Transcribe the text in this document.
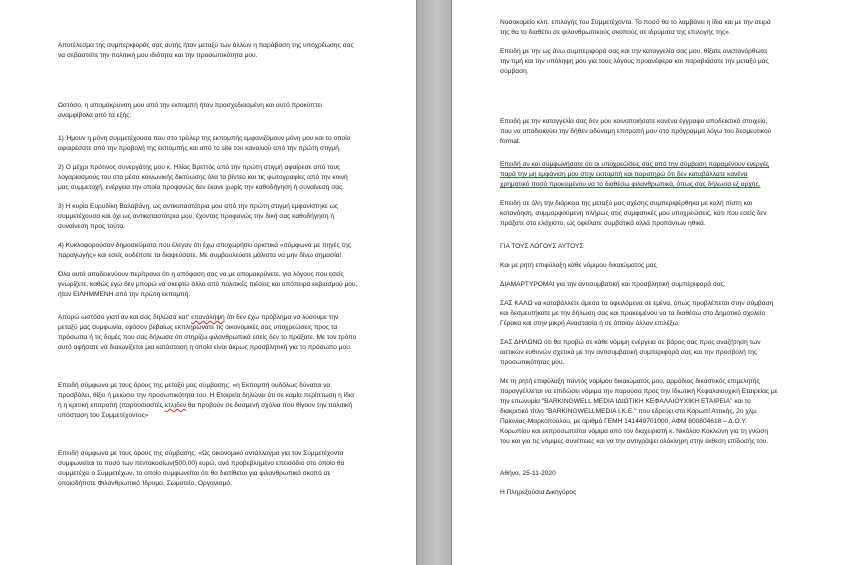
Αποτέλεσμα της συμπεριφοράς σας αυτής ήταν μεταξύ των άλλων η παράβαση της υποχρέωσης σας να σεβαστείτε την πολιτική μου ιδιότητα και την προσωπικότητα μου.

Ωστόσο, η απομάκρυνση μου από την εκπομπή ήταν προσχεδιασμένη και αυτό προκύπτει αναμφίβολα από τα εξής:

1) Ήμουν η μόνη συμμετέχουσα που στο τρέιλερ της εκπομπής εμφανιζόμουν μόνη μου και το οποίο αφαιρέσατε από την προβολή της εκπομπής και από το site του καναλιού από την πρώτη στιγμή.

2) Ο μέχρι πρότινος συνεργάτης μου κ. Ηλίας Βρεττός από την πρώτη στιγμή αφαίρεσε από τους λογαριασμούς του στα μέσα κοινωνικής δικτύωσης όλα τα βίντεο και τις φωτογραφίες από την κοινή μας συμμετοχή, ενέργεια την οποία προφανώς δεν έκανε χωρίς την καθοδήγηση ή συναίνεση σας.

3) Η κυρία Ευρυδίκη Βαλαβάνη, ως αντικαταστάτρια μου από την πρώτη στιγμή εμφανίστηκε ως συμμετέχουσα και όχι ως αντικαταστάτρια μου, έχοντας προφανώς την δική σας καθοδήγηση ή συναίνεση προς τούτο.

4) Κυκλοφορούσαν δημοσιεύματα που έλεγαν ότι έχω αποχωρήσει οριστικά «σύμφωνα με πηγές της παραγωγής» και εσείς ουδέποτε τα διαψεύσατε. Με συμβουλεύατε μάλιστα να μην δίνω σημασία!

Όλα αυτά αποδεικνύουν περίτρανα ότι η απόφαση σας να με απομακρύνετε, για λόγους που εσείς γνωρίζετε, καθώς εγώ δεν μπορώ να σκεφτώ άλλο από πολιτικές πιέσεις και απόπειρα εκβιασμού μου, ήταν ΕΙΛΗΜΜΕΝΗ από την πρώτη εκπομπή.

Απορώ ωστόσο γιατί αν και σας δηλώσα κατ' επανάληψη ότι δεν έχω πρόβλημα να λύσουμε την μεταξύ μας συμφωνία, εφόσον βεβαίως εκπληρώνατε τις οικονομικές σας υποχρεώσεις προς τα πρόσωπα ή τις δομές που σας δήλωσα ότι στηρίζω φιλανθρωπικά εσείς δεν το πράξατε. Με τον τρόπο αυτό αφήσατε να διαιωνίζεται μια κατάσταση η οποία είναι άκρως προσβλητική για το πρόσωπο μου.

Επειδή σύμφωνα με τους όρους της μεταξύ μας σύμβασης: «η Εκπομπή ουδόλως δύναται να προσβάλει, θίξει ή μειώσει την προσωπικότητα του. Η Εταιρεία δηλώνει ότι σε καμία περίπτωση η ίδια η η κριτική επιτροπή (παρουσιαστές κτλ)δεν θα προβούν σε δυσμενή σχόλια που θίγουν την πολιτική υπόσταση του Συμμετέχοντος»

Επειδή σύμφωνα με τους όρους της σύμβασης: «Ως οικονομικό αντάλλαγμα για τον Συμμετέχοντα συμφωνείται το ποσό των πεντακοσίων(500,00) ευρώ, ανά προβεβλημένο επεισόδιο στο οποίο θα συμμετέχει ο Συμμετέχων, το οποίο συμφωνείται ότι θα διατίθεται για φιλανθρωπικό σκοπό σε οποιοδήποτε Φιλανθρωπικό Ίδρυμα, Σωματείο, Οργανισμό,

Νοσοκομείο κλπ. επιλογής του Συμμετέχοντα. Το ποσό θα το λαμβάνει η ίδια και με την σειρά της θα το διαθέτει σε φιλανθρωπικούς σκοπούς σε ιδρύματα της επιλογής της».

Επειδή με την ως άνω συμπεριφορά σας και την καταγγελία σας μου, θίξατε ανεπανόρθωτα την τιμή και την υπόληψη μου για τους λόγους προανέφερα και παραβιάσατε την μεταξύ μας σύμβαση.

Επειδή με την καταγγελία σας δεν μου κοινοποιήσατε κανένα έγγραφο αποδεικτικό στοιχείο, που να αποδεικνύει την δήθεν αδύναμη επιτροπή μου στο πρόγραμμα λόγω του δεσμευτικού format.

Επειδή αν και συμφωνήσατε ότι οι υποχρεώσεις σας από την σύμβαση παραμένουν ενεργές παρά την μη εμφάνιση μου στην εκπομπή και παρατηρώ ότι δεν καταβάλλατε κανένα χρηματικό ποσό προκειμένου να το διαθέσω φιλανθρωπικά, όπως σας δήλωσα εξ αρχής.

Επειδή σε όλη την διάρκεια της μεταξύ μας σχέσης συμπεριφέρθηκα με καλή πίστη και κατανόηση, συμμορφούμενη πλήρως στις συμφατικές μου υποχρεώσεις, κάτι που εσείς δεν πράξατε στο ελάχιστο, ως οφείλατε συμβατικά αλλά προπάντων ηθικά.

ΓΙΑ ΤΟΥΣ ΛΟΓΟΥΣ ΑΥΤΟΥΣ

Και με ρητή επιφύλαξη κάθε νόμιμου δικαιώματος μας

ΔΙΑΜΑΡΤΥΡΟΜΑΙ για την αντισυμβατική και προσβλητική συμπεριφορά σας.

ΣΑΣ ΚΑΛΩ να καταβάλλετε άμεσα τα οφειλόμενα σε εμένα, όπως προβλέπεται στην σύμβαση και δεσμευτήκατε με την δήλωση σας και προκειμένου να τα διαθέσω στο Δημοτικό σχολείο Γέρακα και στην μικρή Αναστασία ή σε όποιον άλλον επιλέξω.

ΣΑΣ ΔΗΛΩΝΩ ότι θα προβώ σε κάθε νόμιμη ενέργεια σε βάρος σας προς αναζήτηση των αστικών ευθυνών σχετικά με την αντισυμβατική συμπεριφορά σας και την προσβολή της προσωπικότητας μου.

Με τη ρητή επιφύλαξη παντός νομίμου δικαιώματος μου, αρμόδιος δικαστικός επιμελητής παραγγέλλεται να επιδώσει νόμιμα την παρούσα προς την Ιδιωτική Κεφαλαιουχική Εταιρείας με την επωνυμία "BARKINGWELL MEDIA ΙΔΙΩΤΙΚΗ ΚΕΦΑΛΑΙΟΥΧΙΚΗ ΕΤΑΙΡΕΙΑ" και το διακριτικό τίτλο "BARKINGWELLMEDIA I.K.E." που εδρεύει στο Κορωπί Αττικής, 2ο χλμ. Παιανίας-Μαρκοπούλου, με αριθμό ΓΕΜΗ 141449701000, ΑΦΜ 800804618 – Δ.Ο.Υ. Κορωπίου και εκπροσωπείται νόμιμα από τον διαχειριστή κ. Νικόλαο Κοκλώνη για τη γνώση του και για τις νόμιμες συνέπειες και να την αντιγράψει ολόκληρη στην έκθεση επίδοσής του.

Αθήνα, 25-11-2020

Η Πληρεξούσια Δικηγόρος
